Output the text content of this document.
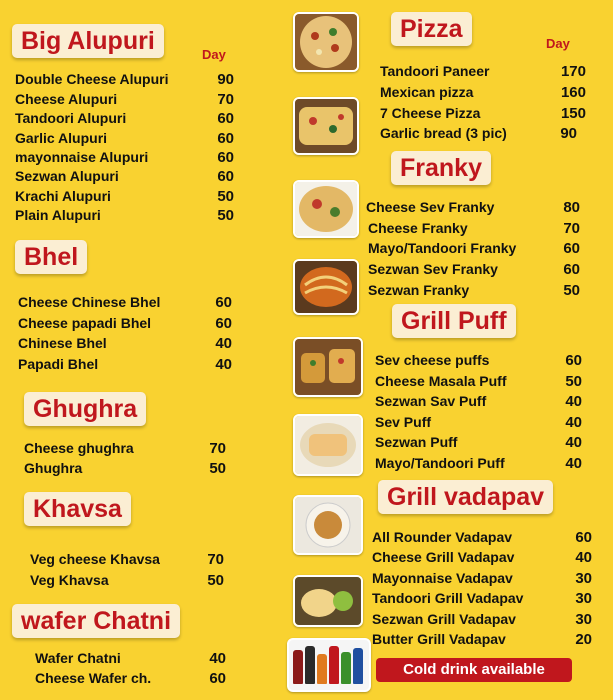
Big Alupuri	Day
Double Cheese Alupuri	90
Cheese Alupuri	70
Tandoori Alupuri	60
Garlic Alupuri	60
mayonnaise Alupuri	60
Sezwan Alupuri	60
Krachi Alupuri	50
Plain Alupuri	50
Bhel
Cheese Chinese Bhel	60
Cheese papadi Bhel	60
Chinese Bhel	40
Papadi Bhel	40
Ghughra
Cheese ghughra	70
Ghughra	50
Khavsa
Veg cheese Khavsa	70
Veg Khavsa	50
wafer Chatni
Wafer Chatni	40
Cheese Wafer ch.	60
Pizza
Day
Tandoori Paneer	170
Mexican pizza	160
7 Cheese Pizza	150
Garlic bread (3 pic)	90
Franky
Cheese Sev Franky	80
Cheese Franky	70
Mayo/Tandoori Franky	60
Sezwan Sev Franky	60
Sezwan Franky	50
Grill Puff
Sev cheese puffs	60
Cheese Masala Puff	50
Sezwan Sav Puff	40
Sev Puff	40
Sezwan Puff	40
Mayo/Tandoori Puff	40
Grill vadapav
All Rounder Vadapav	60
Cheese Grill Vadapav	40
Mayonnaise Vadapav	30
Tandoori Grill Vadapav	30
Sezwan Grill Vadapav	30
Butter Grill Vadapav	20
Cold drink available
